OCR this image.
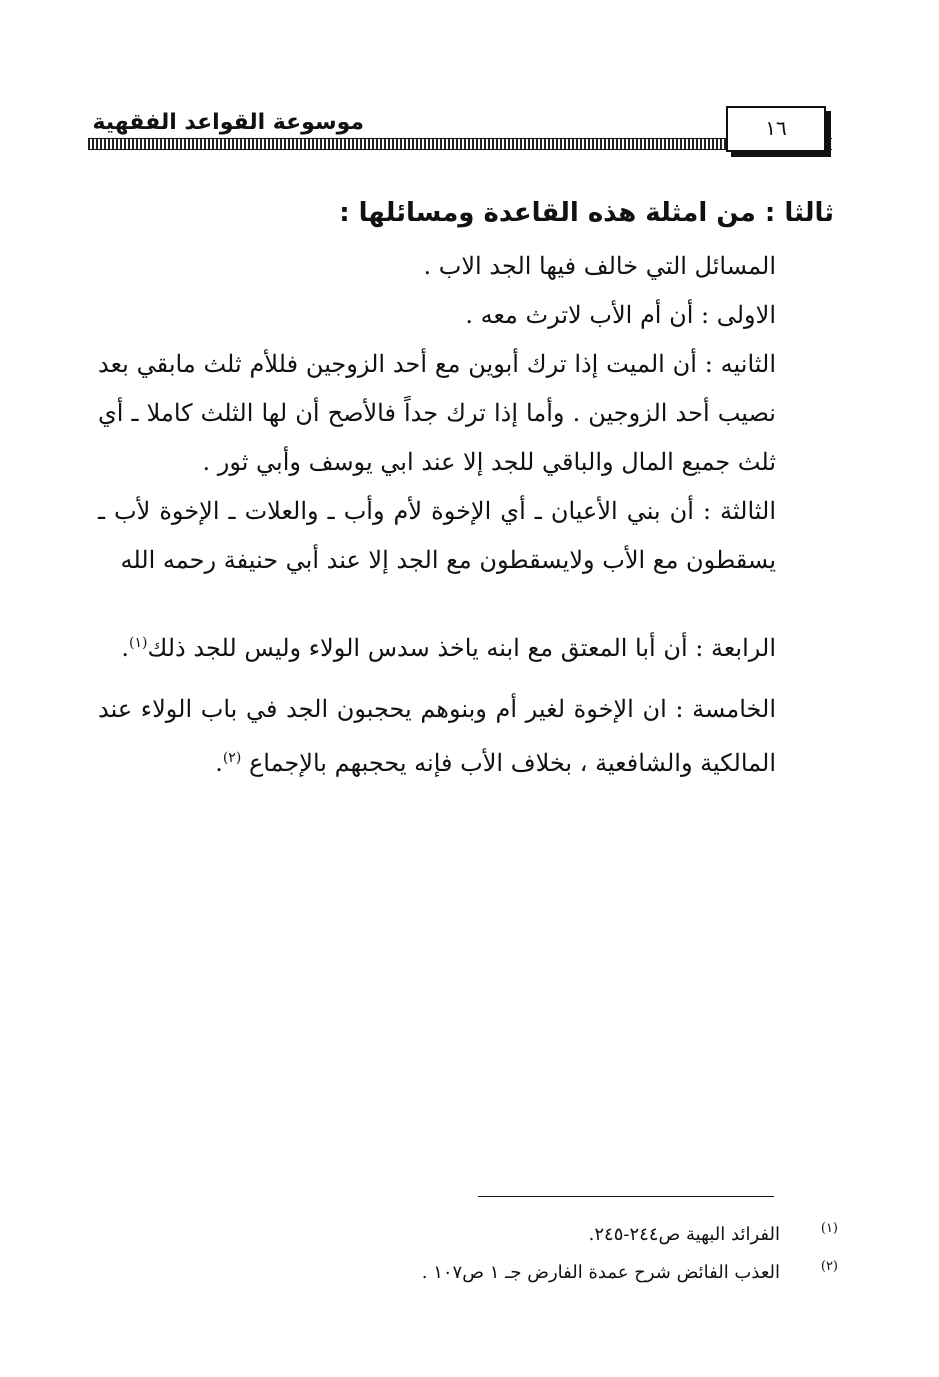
موسوعة القواعد الفقهية	١٦
ثالثا : من امثلة هذه القاعدة ومسائلها :

المسائل التي خالف فيها الجد الاب .

الاولى : أن أم الأب لاترث معه .

الثانيه : أن الميت إذا ترك أبوين مع أحد الزوجين فللأم ثلث مابقي بعد نصيب أحد الزوجين . وأما إذا ترك جداً فالأصح أن لها الثلث كاملا ـ أي ثلث جميع المال والباقي للجد إلا عند ابي يوسف وأبي ثور .

الثالثة : أن بني الأعيان ـ أي الإخوة لأم وأب ـ والعلات ـ الإخوة لأب ـ يسقطون مع الأب ولايسقطون مع الجد إلا عند أبي حنيفة رحمه الله

الرابعة : أن أبا المعتق مع ابنه ياخذ سدس الولاء وليس للجد ذلك$^{(١)}$.

الخامسة : ان الإخوة لغير أم وبنوهم يحجبون الجد في باب الولاء عند المالكية والشافعية ، بخلاف الأب فإنه يحجبهم بالإجماع $^{(٢)}$.

(١)
الفرائد البهية ص٢٤٤-٢٤٥.
(٢)
العذب الفائض شرح عمدة الفارض جـ ١ ص١٠٧ .
